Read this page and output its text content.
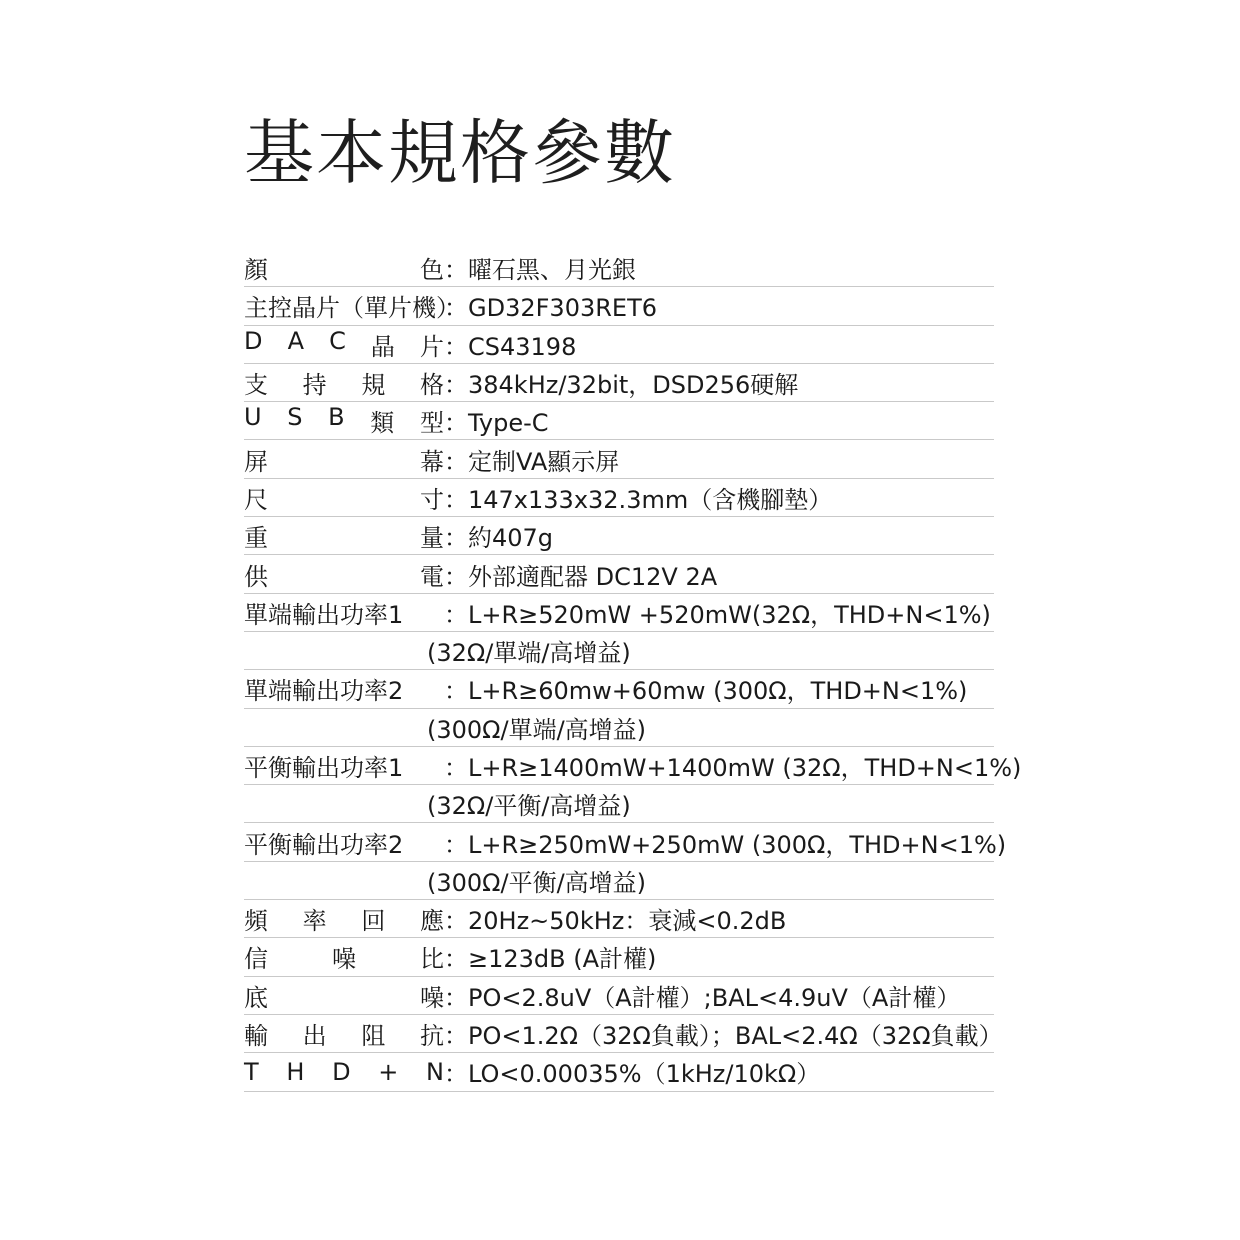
基本規格參數
顏	色 ：曜石黑、月光銀
主控晶片（單片機）
：GD32F303RET6
D A C 晶 片 ：CS43198
支 持 規 格 ：384kHz/32bit，DSD256硬解
U S B 類 型 ：Type-C
屏	幕 ：定制VA顯示屏
尺	寸 ：147x133x32.3mm（含機腳墊）
重	量 ：約407g
供	電 ：外部適配器 DC12V 2A
單端輸出功率1	：L+R≥520mW +520mW(32Ω，THD+N<1%)
(32Ω/單端/高增益)
單端輸出功率2	：L+R≥60mw+60mw (300Ω，THD+N<1%)
(300Ω/單端/高增益)
平衡輸出功率1	：L+R≥1400mW+1400mW (32Ω，THD+N<1%)
(32Ω/平衡/高增益)
平衡輸出功率2	：L+R≥250mW+250mW (300Ω，THD+N<1%)
(300Ω/平衡/高增益)
頻 率 回 應 ：20Hz~50kHz：衰減<0.2dB
信	噪	比 ：≥123dB (A計權)
底	噪 ：PO<2.8uV（A計權）;BAL<4.9uV（A計權）
輸 出 阻 抗 ：PO<1.2Ω（32Ω負載）；BAL<2.4Ω（32Ω負載）
T H D + N ：LO<0.00035%（1kHz/10kΩ）
